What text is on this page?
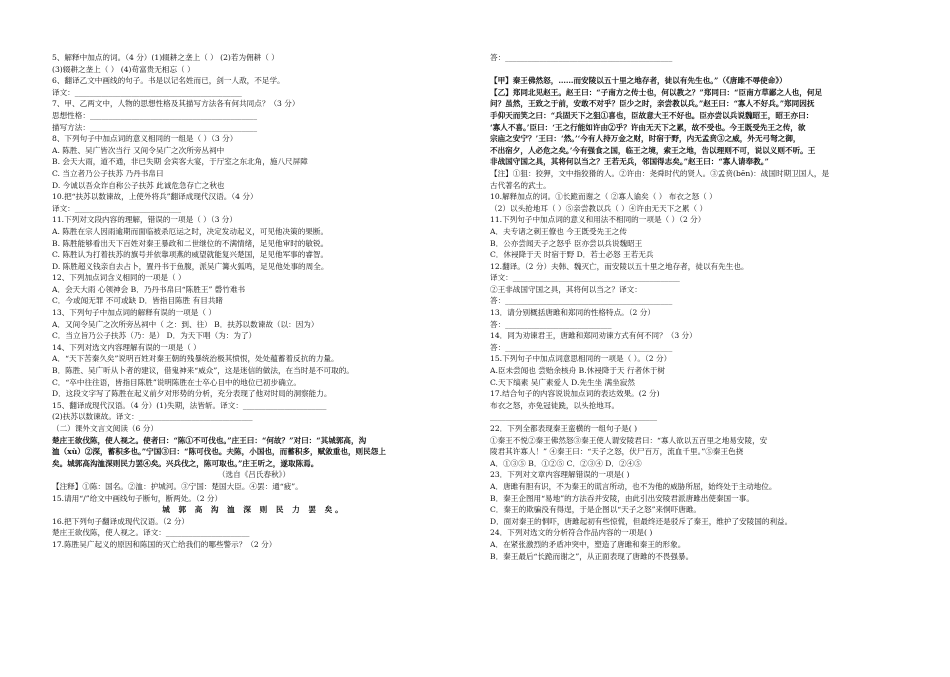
5、解释中加点的词。（4 分）(1)辍耕之垄上（ ） (2)若为佣耕（ ）
(3)辍耕之垄上（ ） (4)苟富贵无相忘（ ）
6、翻译乙文中画线的句子。书是以记名姓而已，剑一人敌，不足学。
译文：____________________________________________
7、甲、乙两文中，人物的思想性格及其描写方法各有何共同点？（3 分）
思想性格：____________________________________________
描写方法：____________________________________________
8、下列句子中加点词的意义相同的一组是（ ）（3 分）
A. 陈胜、吴广皆次当行 又间令吴广之次所旁丛祠中
B. 会天大雨，道不通，非已失期 会宾客大宴，于厅室之东北角，施八尺屏障
C. 当立者乃公子扶苏 乃丹书帛曰
D. 今诚以吾众诈自称公子扶苏 此诚危急存亡之秋也
10.把“扶苏以数谏故，上使外将兵”翻译成现代汉语。（4 分）
译文：____________________________
11.下列对文段内容的理解，错误的一项是（ ）（3 分）
A. 陈胜在宗人因雨逾期而面临被杀厄运之时，决定发动起义，可见他决策的果断。
B. 陈胜能够看出天下百姓对秦王暴政和二世继位的不满情绪，足见他审时的敏锐。
C. 陈胜认为打着扶苏的旗号并依靠项燕的威望就能复兴楚国，足见他军事的睿智。
D. 陈胜超义钱亲自去占卜，置丹书于鱼腹，派吴广篝火狐鸣，足见他处事的周全。
12、下列加点词含义相同的一项是（ ）
A．会天大雨 心领神会 B．乃丹书帛曰“陈胜王” 磬竹难书
C．今或闻无罪 不可或缺 D．皆指目陈胜 有目共睹
13、下列句子中加点词的解释有误的一项是（ ）
A．又间令吴广之次所旁丛祠中（ 之：到、往） B．扶苏以数谏故（以：因为）
C．当立旨乃公子扶苏（乃：是） D．为天下唱（为：为了）
14、下列对选文内容理解有误的一项是（ ）
A．“天下苦秦久矣”说明百姓对秦王朝的残暴统治极其愤恨，处处蕴蓄着反抗的力量。
B．陈胜、吴广听从卜者的建议，借鬼神来“威众”，这是迷信的做法，在当时是不可取的。
C．“卒中往往语，皆指目陈胜”说明陈胜在士卒心目中的地位已初步确立。
D．这段文字写了陈胜在起义前夕对形势的分析，充分表现了他对时局的洞察能力。
15、翻译成现代汉语。（4 分）(1)失期，法皆斩。译文：______________________
(2)扶苏以数谏故。译文：______________________________
（二）课外文言文阅读（6 分）
楚庄王欲伐陈，使人视之。使者曰：“陈①不可伐也。”庄王曰：“何故？”对曰：“其城郭高，沟
洫（xù）②深，蓄积多也。”宁国③曰：“陈可伐也。夫陈，小国也，而蓄积多，赋敛重也，则民怨上
矣。城郭高沟洫深则民力罢④矣。兴兵伐之，陈可取也。”庄王听之，遂取陈焉。
（选自《吕氏春秋》）
【注释】①陈：国名。②洫：护城河。③宁国：楚国大臣。④罢：通“疲”。
15.请用“/”给文中画线句子断句，断两处。（2 分）
城 郭 高 沟 洫 深 则 民 力 罢 矣。
16.把下列句子翻译成现代汉语。（2 分）
楚庄王欲伐陈，使人视之。译文：______________________
17.陈胜吴广起义的原因和陈国的灭亡给我们的哪些警示？（2 分）
答：____________________________________________
【甲】秦王佛然怒，……而安陵以五十里之地存者，徒以有先生也。”（《唐雎不辱使命》）
【乙】郑同北见赵王。赵王曰：“子南方之传士也，何以教之？”郑同曰：“臣南方草鄙之人也，何足
问？虽然，王致之于前，安敢不对乎？臣少之时，亲尝教以兵。”赵王曰：“寡人不好兵。”郑同因抚
手仰天而笑之曰：“兵固天下之狙①喜也，臣故意大王不好也。臣亦尝以兵说魏昭王，昭王亦曰：
‘寡人不喜。’臣曰：‘王之行能如许由②乎？许由无天下之累，故不受也。今王既受先王之传，欲
宗庙之安宁？’王曰：‘然。’‘今有人持万金之财，时宿于野，内无孟贲③之威，外无弓弩之御，
不出宿夕，人必危之矣。’今有强食之国，临王之境，索王之地，告以理则不可，说以义则不听。王
非战国守国之具，其将何以当之？王若无兵，邻国得志矣。”赵王曰：“寡人请奉教。”
【注】①狙：狡狎，文中指狡猾的人。②许由：尧舜时代的贤人。③孟贲(bēn)：战国时期卫国人，是
古代著名的武士。
10.解释加点的词。①长跪而谢之（ ②寡人谕矣（ ） 布衣之怒（ ）
（2）以头抢地耳（ ）⑤亲尝教以兵（ ）④许由无天下之累（ ）
11.下列句子中加点词的意义和用法不相同的一项是（ ）（2 分）
A．夫专诸之刺王僚也 今王既受先王之传
B．公亦尝闻天子之怒乎 臣亦尝以兵说魏昭王
C．休祲降于天 时宿于野 D．若士必怒 王若无兵
12.翻译。（2 分）夫韩、魏灭亡，而安陵以五十里之地存者，徒以有先生也。
译文：____________________________________________
②王非战国守国之具，其将何以当之？译文：
答：____________________________________________
13．请分别概括唐雎和郑同的性格特点。（2 分）
答：____________________________
14．同为劝谏君王，唐雎和郑同劝谏方式有何不同？（3 分）
答：____________________________________________
15.下列句子中加点词意思相同的一项是（ ）。（2 分）
A.臣未尝闻也 尝贻余核舟 B.休祲降于天 行者休于树
C.天下缟素 吴广素爱人 D.先生坐 满坐寂然
17.结合句子的内容说说加点词的表达效果。(2 分)
布衣之怒，亦免冠徒跣，以头抢地耳。
____________________________________________
22．下列全都表现秦王蛮横的一组句子是( )
①秦王不悦②秦王佛然怒③秦王使人谓安陵君曰：“寡人欲以五百里之地易安陵，安
陵君其许寡人！” ④秦王曰：“天子之怒，伏尸百万，流血千里。”⑤秦王色挠
A．①③⑤ B．①②⑤ C．②③④ D．②④⑤
23．下列对文章内容理解错误的一项是( )
A．唐雎有胆有识，不为秦王的谎言所动，也不为他的威胁所屈，始终处于主动地位。
B．秦王企图用“易地”的方法吞并安陵，由此引出安陵君派唐雎出使秦国一事。
C．秦王的欺骗没有得逞，于是企图以“天子之怒”来恫吓唐雎。
D．面对秦王的恫吓，唐雎起初有些惊慌，但最终还是驳斥了秦王，维护了安陵国的利益。
24．下列对选文的分析符合作品内容的一项是( )
A．在紧张激烈的矛盾冲突中，塑造了唐雎和秦王的形象。
B．秦王最后“长跪而谢之”，从正面表现了唐雎的不畏强暴。
